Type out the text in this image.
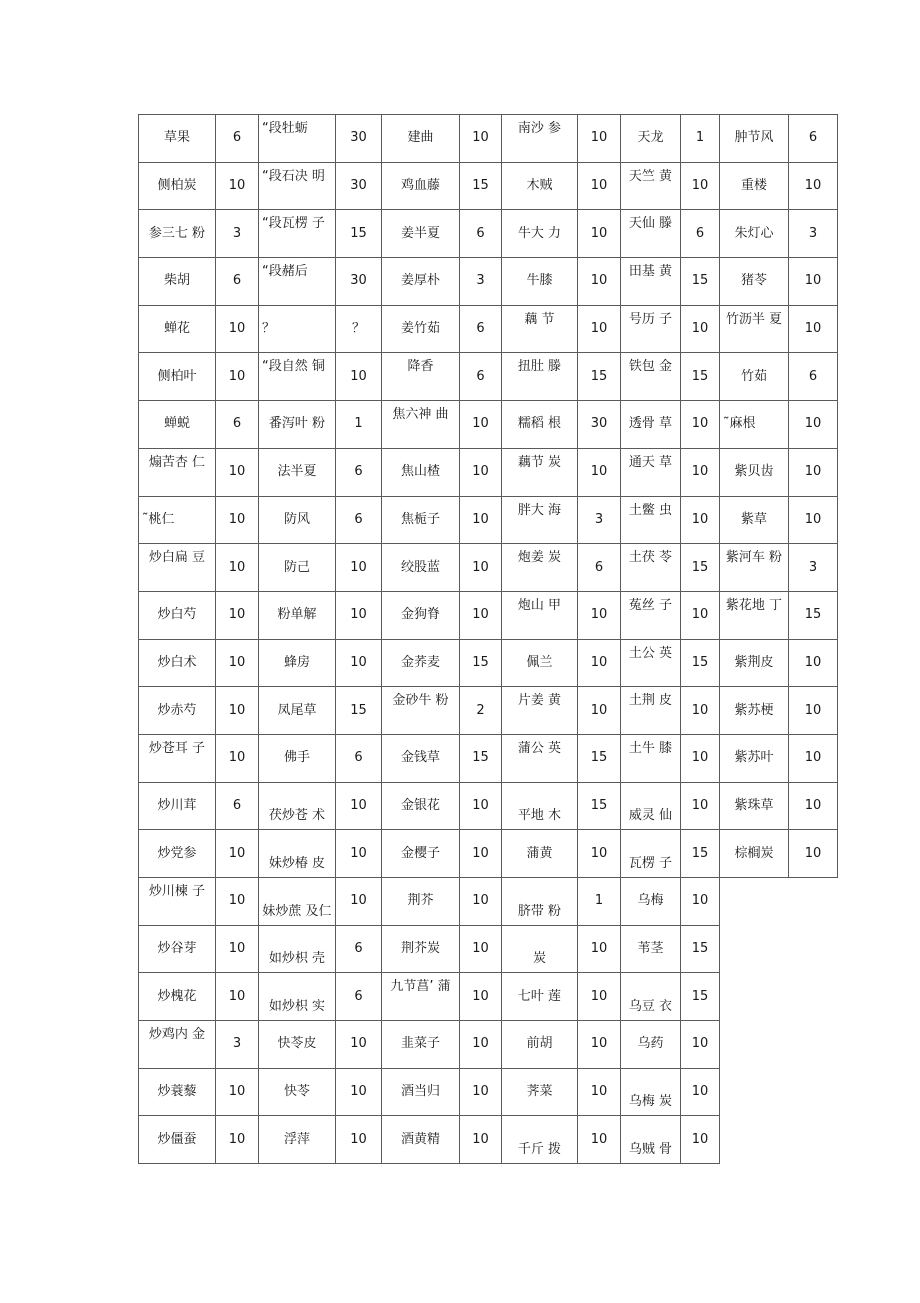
草果	6	“段牡蛎	30	建曲	10	南沙 参	10	天龙	1	肿节风	6
侧柏炭	10	“段石决 明	30	鸡血藤	15	木贼	10	天竺 黄	10	重楼	10
参三七 粉	3	“段瓦楞 子	15	姜半夏	6	牛大 力	10	天仙 滕	6	朱灯心	3
柴胡	6	“段赭后	30	姜厚朴	3	牛膝	10	田基 黄	15	猪苓	10
蝉花	10	？	？	姜竹茹	6	藕 节	10	号历 子	10	竹沥半 夏	10
侧柏叶	10	“段自然 铜	10	降香	6	扭肚 滕	15	铁包 金	15	竹茹	6
蝉蜕	6	番泻叶 粉	1	焦六神 曲	10	糯稻 根	30	透骨 草	10	˜麻根	10
煽苦杏 仁	10	法半夏	6	焦山楂	10	藕节 炭	10	通天 草	10	紫贝齿	10
˜桃仁	10	防风	6	焦栀子	10	胖大 海	3	土鳖 虫	10	紫草	10
炒白扁 豆	10	防己	10	绞股蓝	10	炮姜 炭	6	土茯 苓	15	紫河车 粉	3
炒白芍	10	粉单解	10	金狗脊	10	炮山 甲	10	菟丝 子	10	紫花地 丁	15
炒白术	10	蜂房	10	金荞麦	15	佩兰	10	土公 英	15	紫荆皮	10
炒赤芍	10	凤尾草	15	金砂牛 粉	2	片姜 黄	10	土荆 皮	10	紫苏梗	10
炒苍耳 子	10	佛手	6	金钱草	15	蒲公 英	15	土牛 膝	10	紫苏叶	10
炒川茸	6	茯炒苍 术	10	金银花	10	平地 木	15	威灵 仙	10	紫珠草	10
炒党参	10	妹炒椿 皮	10	金樱子	10	蒲黄	10	瓦楞 子	15	棕榈炭	10
炒川楝 子	10	妹炒蔗 及仁	10	荆芥	10	脐带 粉	1	乌梅	10		
炒谷芽	10	如炒枳 壳	6	荆芥炭	10	炭	10	苇茎	15		
炒槐花	10	如炒枳 实	6	九节菖’ 蒲	10	七叶 莲	10	乌豆 衣	15		
炒鸡内 金	3	快苓皮	10	韭菜子	10	前胡	10	乌药	10		
炒蓑藜	10	快苓	10	酒当归	10	荠菜	10	乌梅 炭	10		
炒僵蚕	10	浮萍	10	酒黄精	10	千斤 拨	10	乌贼 骨	10		
